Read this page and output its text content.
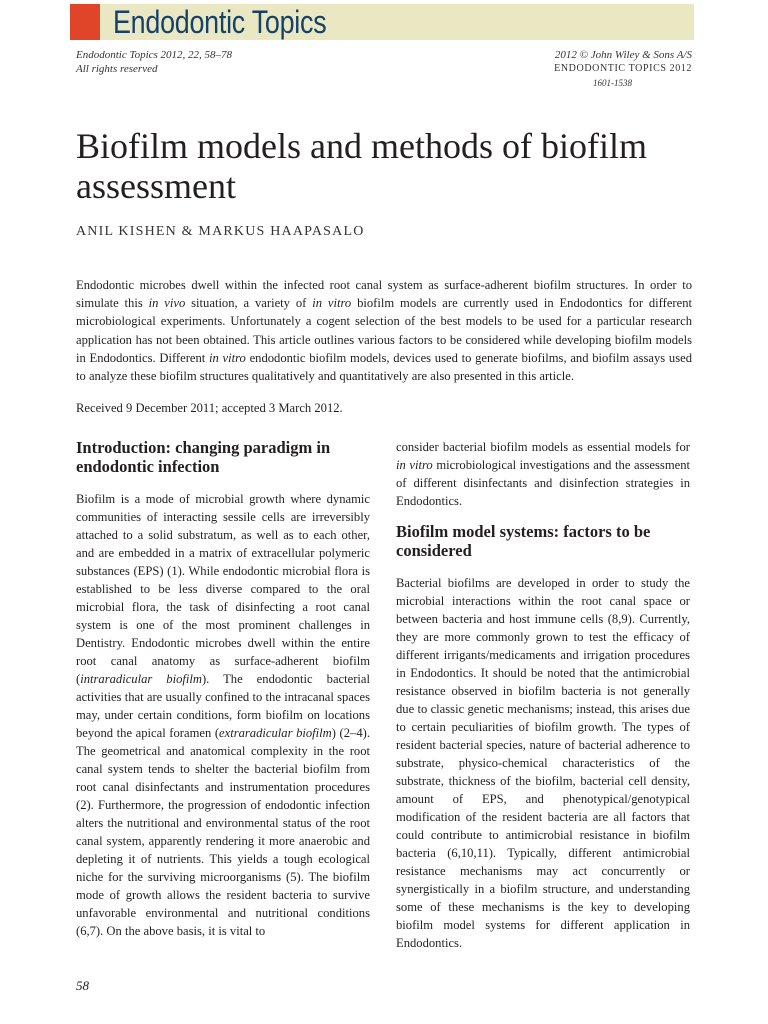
Endodontic Topics
Endodontic Topics 2012, 22, 58–78
All rights reserved
2012 © John Wiley & Sons A/S
ENDODONTIC TOPICS 2012
1601-1538
Biofilm models and methods of biofilm assessment

ANIL KISHEN & MARKUS HAAPASALO

Endodontic microbes dwell within the infected root canal system as surface-adherent biofilm structures. In order to simulate this in vivo situation, a variety of in vitro biofilm models are currently used in Endodontics for different microbiological experiments. Unfortunately a cogent selection of the best models to be used for a particular research application has not been obtained. This article outlines various factors to be considered while developing biofilm models in Endodontics. Different in vitro endodontic biofilm models, devices used to generate biofilms, and biofilm assays used to analyze these biofilm structures qualitatively and quantitatively are also presented in this article.

Received 9 December 2011; accepted 3 March 2012.

Introduction: changing paradigm in endodontic infection

Biofilm is a mode of microbial growth where dynamic communities of interacting sessile cells are irreversibly attached to a solid substratum, as well as to each other, and are embedded in a matrix of extracellular polymeric substances (EPS) (1). While endodontic microbial flora is established to be less diverse compared to the oral microbial flora, the task of disinfecting a root canal system is one of the most prominent challenges in Dentistry. Endodontic microbes dwell within the entire root canal anatomy as surface-adherent biofilm (intraradicular biofilm). The endodontic bacterial activities that are usually confined to the intracanal spaces may, under certain conditions, form biofilm on locations beyond the apical foramen (extraradicular biofilm) (2–4). The geometrical and anatomical complexity in the root canal system tends to shelter the bacterial biofilm from root canal disinfectants and instrumentation procedures (2). Furthermore, the progression of endodontic infection alters the nutritional and environmental status of the root canal system, apparently rendering it more anaerobic and depleting it of nutrients. This yields a tough ecological niche for the surviving microorganisms (5). The biofilm mode of growth allows the resident bacteria to survive unfavorable environmental and nutritional conditions (6,7). On the above basis, it is vital to

consider bacterial biofilm models as essential models for in vitro microbiological investigations and the assessment of different disinfectants and disinfection strategies in Endodontics.

Biofilm model systems: factors to be considered

Bacterial biofilms are developed in order to study the microbial interactions within the root canal space or between bacteria and host immune cells (8,9). Currently, they are more commonly grown to test the efficacy of different irrigants/medicaments and irrigation procedures in Endodontics. It should be noted that the antimicrobial resistance observed in biofilm bacteria is not generally due to classic genetic mechanisms; instead, this arises due to certain peculiarities of biofilm growth. The types of resident bacterial species, nature of bacterial adherence to substrate, physico-chemical characteristics of the substrate, thickness of the biofilm, bacterial cell density, amount of EPS, and phenotypical/genotypical modification of the resident bacteria are all factors that could contribute to antimicrobial resistance in biofilm bacteria (6,10,11). Typically, different antimicrobial resistance mechanisms may act concurrently or synergistically in a biofilm structure, and understanding some of these mechanisms is the key to developing biofilm model systems for different application in Endodontics.

58
